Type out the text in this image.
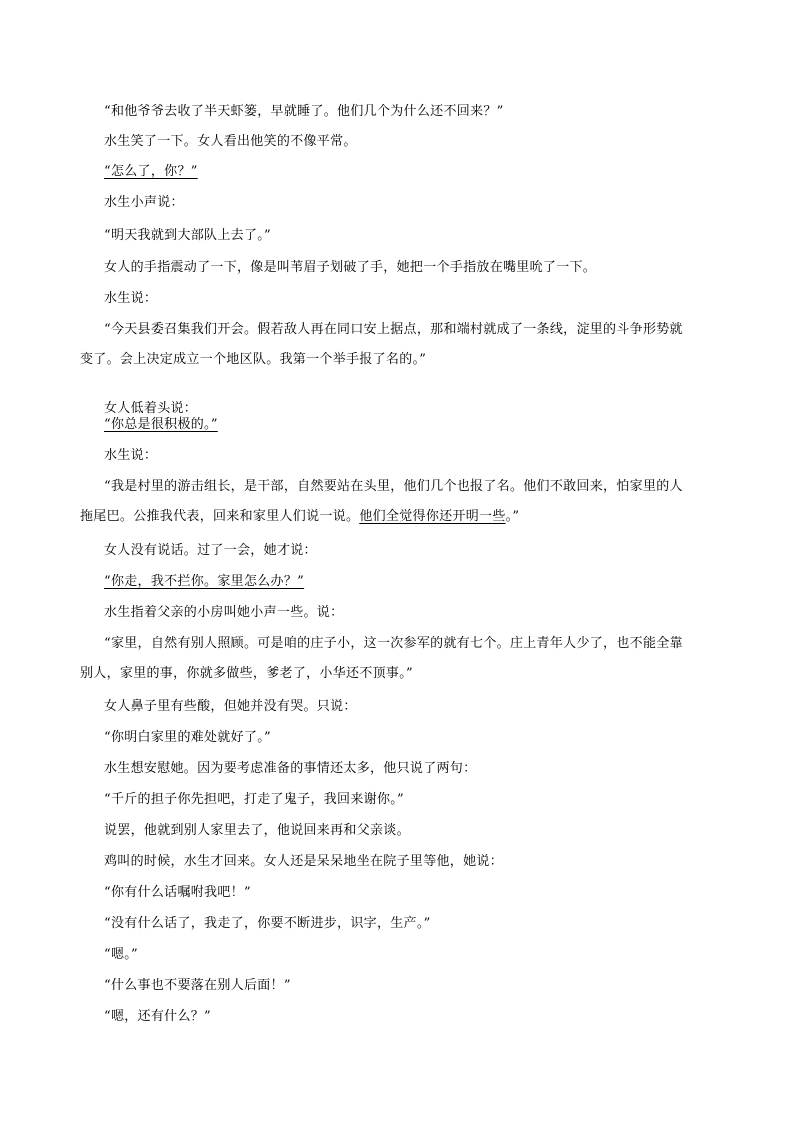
“和他爷爷去收了半天虾篓，早就睡了。他们几个为什么还不回来？”
水生笑了一下。女人看出他笑的不像平常。
“怎么了，你？”
水生小声说：
“明天我就到大部队上去了。”
女人的手指震动了一下，像是叫苇眉子划破了手，她把一个手指放在嘴里吮了一下。
水生说：
“今天县委召集我们开会。假若敌人再在同口安上据点，那和端村就成了一条线，淀里的斗争形势就
变了。会上决定成立一个地区队。我第一个举手报了名的。”
女人低着头说：
“你总是很积极的。”
水生说：
“我是村里的游击组长，是干部，自然要站在头里，他们几个也报了名。他们不敢回来，怕家里的人
拖尾巴。公推我代表，回来和家里人们说一说。他们全觉得你还开明一些。”
女人没有说话。过了一会，她才说：
“你走，我不拦你。家里怎么办？”
水生指着父亲的小房叫她小声一些。说：
“家里，自然有别人照顾。可是咱的庄子小，这一次参军的就有七个。庄上青年人少了，也不能全靠
别人，家里的事，你就多做些，爹老了，小华还不顶事。”
女人鼻子里有些酸，但她并没有哭。只说：
“你明白家里的难处就好了。”
水生想安慰她。因为要考虑准备的事情还太多，他只说了两句：
“千斤的担子你先担吧，打走了鬼子，我回来谢你。”
说罢，他就到别人家里去了，他说回来再和父亲谈。
鸡叫的时候，水生才回来。女人还是呆呆地坐在院子里等他，她说：
“你有什么话嘱咐我吧！”
“没有什么话了，我走了，你要不断进步，识字，生产。”
“嗯。”
“什么事也不要落在别人后面！”
“嗯，还有什么？”
